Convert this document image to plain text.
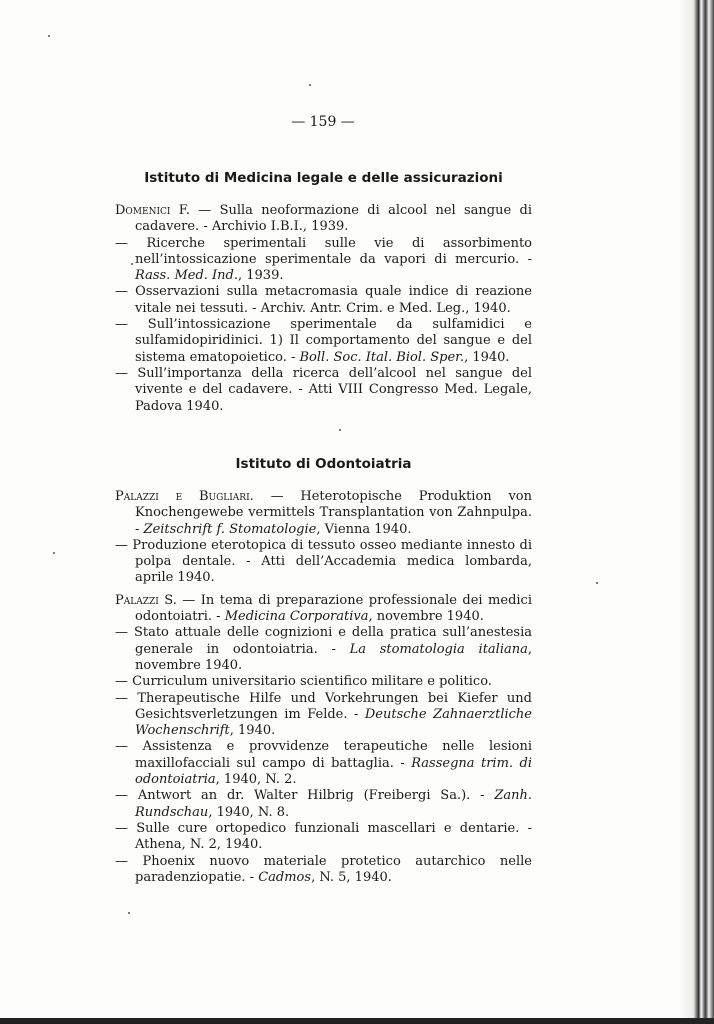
— 159 —
Istituto di Medicina legale e delle assicurazioni
Domenici F. — Sulla neoformazione di alcool nel sangue di cadavere. - Archivio I.B.I., 1939.
— Ricerche sperimentali sulle vie di assorbimento nell’intossicazione sperimentale da vapori di mercurio. - Rass. Med. Ind., 1939.
— Osservazioni sulla metacromasia quale indice di reazione vitale nei tessuti. - Archiv. Antr. Crim. e Med. Leg., 1940.
— Sull’intossicazione sperimentale da sulfamidici e sulfamidopiridinici. 1) Il comportamento del sangue e del sistema ematopoietico. - Boll. Soc. Ital. Biol. Sper., 1940.
— Sull’importanza della ricerca dell’alcool nel sangue del vivente e del cadavere. - Atti VIII Congresso Med. Legale, Padova 1940.
Istituto di Odontoiatria
Palazzi e Bugliari. — Heterotopische Produktion von Knochengewebe vermittels Transplantation von Zahnpulpa. - Zeitschrift f. Stomatologie, Vienna 1940.
— Produzione eterotopica di tessuto osseo mediante innesto di polpa dentale. - Atti dell’Accademia medica lombarda, aprile 1940.
Palazzi S. — In tema di preparazione professionale dei medici odontoiatri. - Medicina Corporativa, novembre 1940.
— Stato attuale delle cognizioni e della pratica sull’anestesia generale in odontoiatria. - La stomatologia italiana, novembre 1940.
— Curriculum universitario scientifico militare e politico.
— Therapeutische Hilfe und Vorkehrungen bei Kiefer und Gesichtsverletzungen im Felde. - Deutsche Zahnaerztliche Wochenschrift, 1940.
— Assistenza e provvidenze terapeutiche nelle lesioni maxillofacciali sul campo di battaglia. - Rassegna trim. di odontoiatria, 1940, N. 2.
— Antwort an dr. Walter Hilbrig (Freibergi Sa.). - Zanh. Rundschau, 1940, N. 8.
— Sulle cure ortopedico funzionali mascellari e dentarie. - Athena, N. 2, 1940.
— Phoenix nuovo materiale protetico autarchico nelle paradenziopatie. - Cadmos, N. 5, 1940.
